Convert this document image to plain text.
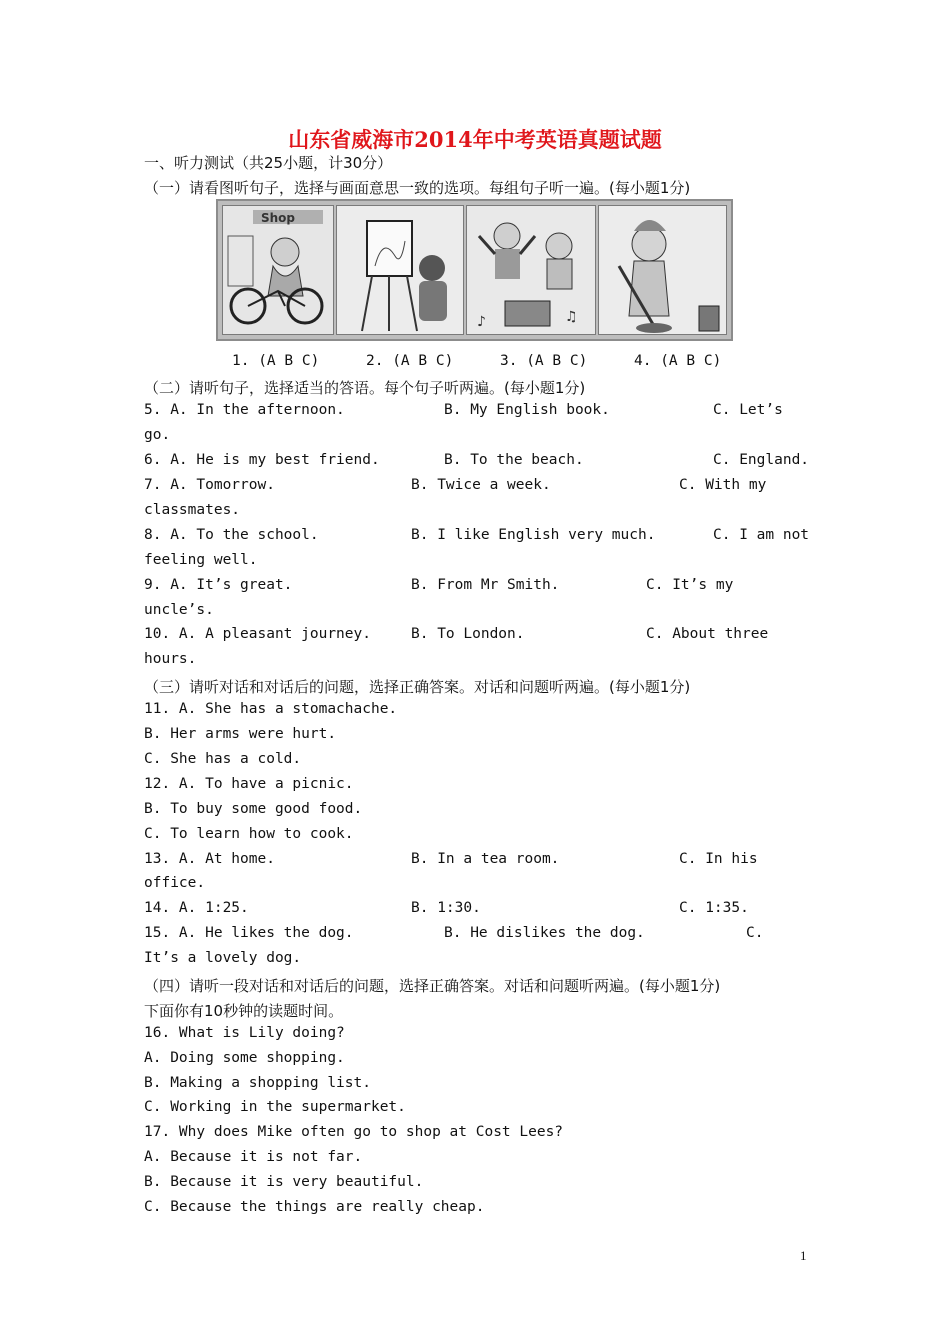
山东省威海市2014年中考英语真题试题
一、听力测试（共25小题，计30分）
（一）请看图听句子，选择与画面意思一致的选项。每组句子听一遍。(每小题1分)
Shop
♪	♫
1. (A B C)	2. (A B C)	3. (A B C)	4. (A B C)
（二）请听句子，选择适当的答语。每个句子听两遍。(每小题1分)
5. A. In the afternoon.	B. My English book.	C. Let’s
go.
6. A. He is my best friend.	B. To the beach.	C. England.
7. A. Tomorrow.	B. Twice a week.	C. With my
classmates.
8. A. To the school.	B. I like English very much.	C. I am not
feeling well.
9. A. It’s great.	B. From Mr Smith.	C. It’s my
uncle’s.
10. A. A pleasant journey.	B. To London.	C. About three
hours.
（三）请听对话和对话后的问题，选择正确答案。对话和问题听两遍。(每小题1分)
11. A. She has a stomachache.
B. Her arms were hurt.
C. She has a cold.
12. A. To have a picnic.
B. To buy some good food.
C. To learn how to cook.
13. A. At home.	B. In a tea room.	C. In his
office.
14. A. 1:25.	B. 1:30.	C. 1:35.
15. A. He likes the dog.	B. He dislikes the dog.	C.
It’s a lovely dog.
（四）请听一段对话和对话后的问题，选择正确答案。对话和问题听两遍。(每小题1分)
下面你有10秒钟的读题时间。
16. What is Lily doing?
A. Doing some shopping.
B. Making a shopping list.
C. Working in the supermarket.
17. Why does Mike often go to shop at Cost Lees?
A. Because it is not far.
B. Because it is very beautiful.
C. Because the things are really cheap.
1
